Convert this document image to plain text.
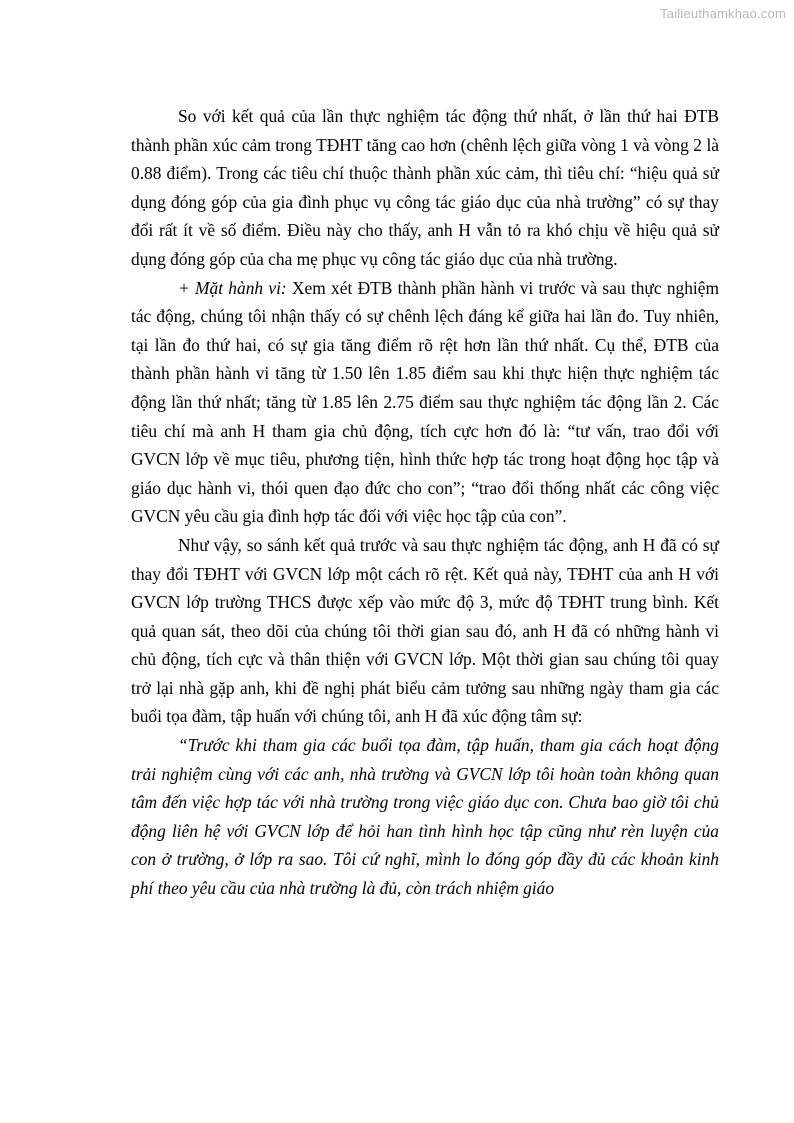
Tailieuthamkhao.com

So với kết quả của lần thực nghiệm tác động thứ nhất, ở lần thứ hai ĐTB thành phần xúc cảm trong TĐHT tăng cao hơn (chênh lệch giữa vòng 1 và vòng 2 là 0.88 điểm). Trong các tiêu chí thuộc thành phần xúc cảm, thì tiêu chí: “hiệu quả sử dụng đóng góp của gia đình phục vụ công tác giáo dục của nhà trường” có sự thay đổi rất ít về số điểm. Điều này cho thấy, anh H vẫn tỏ ra khó chịu về hiệu quả sử dụng đóng góp của cha mẹ phục vụ công tác giáo dục của nhà trường.

+ Mặt hành vi: Xem xét ĐTB thành phần hành vi trước và sau thực nghiệm tác động, chúng tôi nhận thấy có sự chênh lệch đáng kể giữa hai lần đo. Tuy nhiên, tại lần đo thứ hai, có sự gia tăng điểm rõ rệt hơn lần thứ nhất. Cụ thể, ĐTB của thành phần hành vi tăng từ 1.50 lên 1.85 điểm sau khi thực hiện thực nghiệm tác động lần thứ nhất; tăng từ 1.85 lên 2.75 điểm sau thực nghiệm tác động lần 2. Các tiêu chí mà anh H tham gia chủ động, tích cực hơn đó là: “tư vấn, trao đổi với GVCN lớp về mục tiêu, phương tiện, hình thức hợp tác trong hoạt động học tập và giáo dục hành vi, thói quen đạo đức cho con”; “trao đổi thống nhất các công việc GVCN yêu cầu gia đình hợp tác đối với việc học tập của con”.

Như vậy, so sánh kết quả trước và sau thực nghiệm tác động, anh H đã có sự thay đổi TĐHT với GVCN lớp một cách rõ rệt. Kết quả này, TĐHT của anh H với GVCN lớp trường THCS được xếp vào mức độ 3, mức độ TĐHT trung bình. Kết quả quan sát, theo dõi của chúng tôi thời gian sau đó, anh H đã có những hành vi chủ động, tích cực và thân thiện với GVCN lớp. Một thời gian sau chúng tôi quay trở lại nhà gặp anh, khi đề nghị phát biểu cảm tưởng sau những ngày tham gia các buổi tọa đàm, tập huấn với chúng tôi, anh H đã xúc động tâm sự:

“Trước khi tham gia các buổi tọa đàm, tập huấn, tham gia cách hoạt động trải nghiệm cùng với các anh, nhà trường và GVCN lớp tôi hoàn toàn không quan tâm đến việc hợp tác với nhà trường trong việc giáo dục con. Chưa bao giờ tôi chủ động liên hệ với GVCN lớp để hỏi han tình hình học tập cũng như rèn luyện của con ở trường, ở lớp ra sao. Tôi cứ nghĩ, mình lo đóng góp đầy đủ các khoản kinh phí theo yêu cầu của nhà trường là đủ, còn trách nhiệm giáo
